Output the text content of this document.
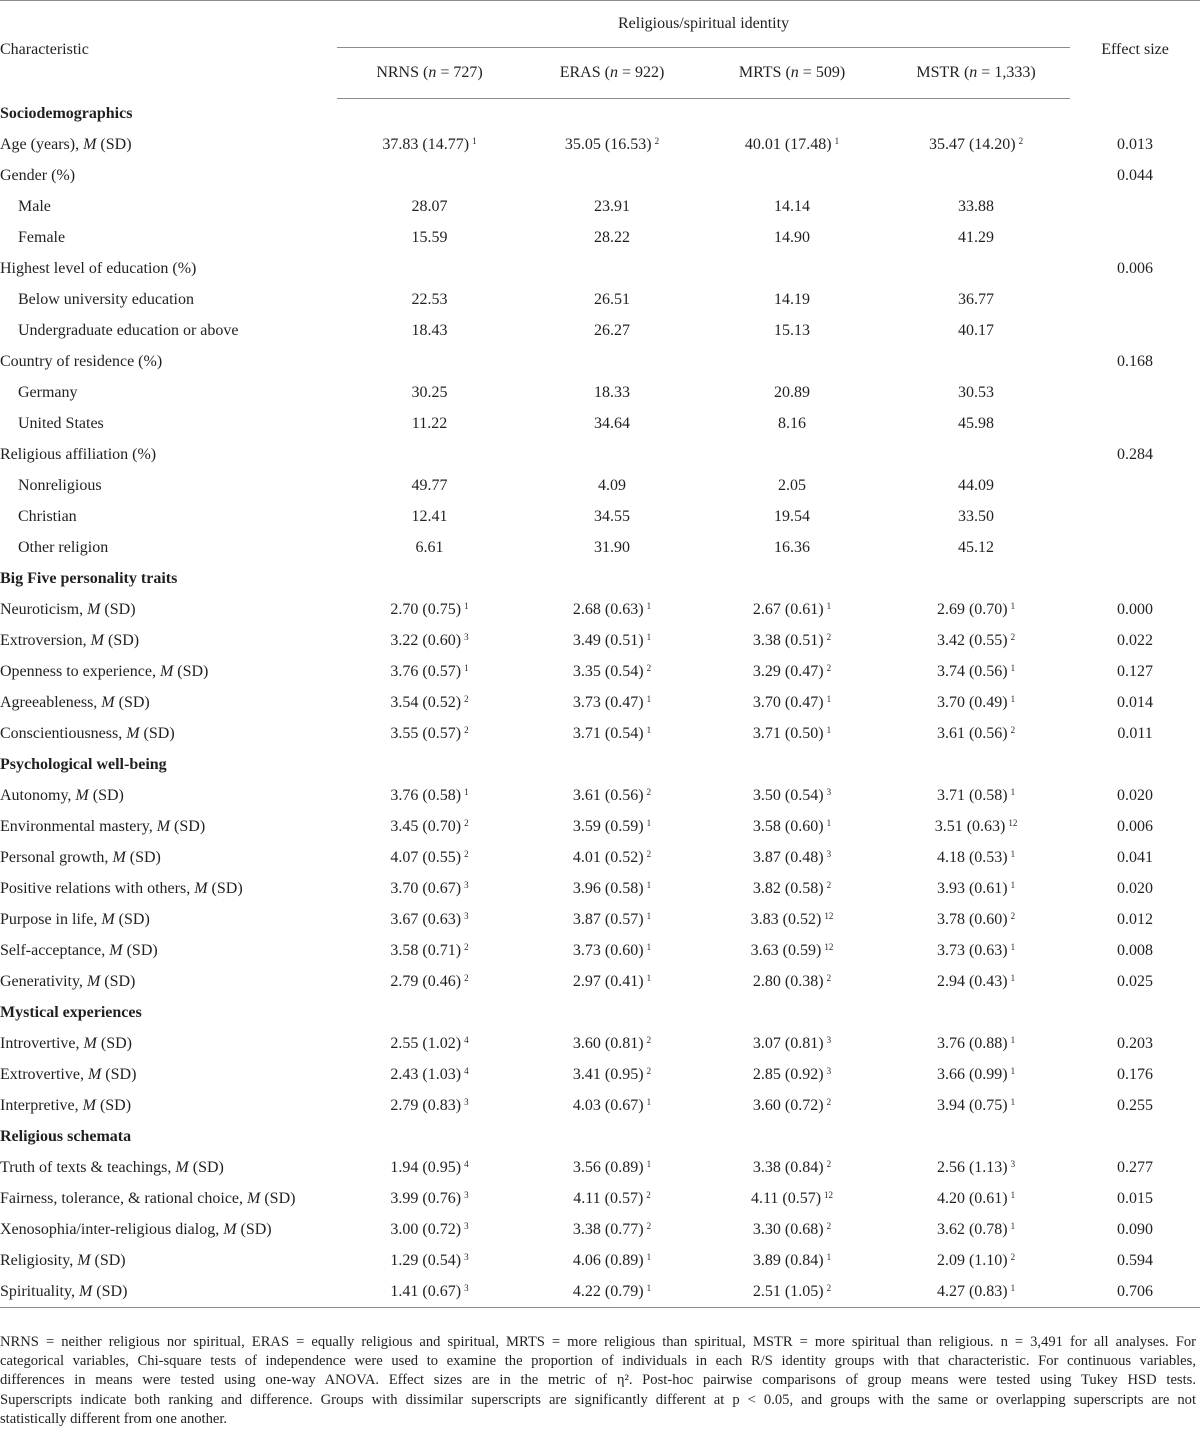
Characteristic	Religious/spiritual identity				Effect size
	NRNS (n = 727)	ERAS (n = 922)	MRTS (n = 509)	MSTR (n = 1,333)	
Sociodemographics					
Age (years), M (SD)	37.83 (14.77) $^1$	35.05 (16.53) $^2$	40.01 (17.48) $^1$	35.47 (14.20) $^2$	0.013
Gender (%)					0.044
Male	28.07	23.91	14.14	33.88	
Female	15.59	28.22	14.90	41.29	
Highest level of education (%)					0.006
Below university education	22.53	26.51	14.19	36.77	
Undergraduate education or above	18.43	26.27	15.13	40.17	
Country of residence (%)					0.168
Germany	30.25	18.33	20.89	30.53	
United States	11.22	34.64	8.16	45.98	
Religious affiliation (%)					0.284
Nonreligious	49.77	4.09	2.05	44.09	
Christian	12.41	34.55	19.54	33.50	
Other religion	6.61	31.90	16.36	45.12	
Big Five personality traits					
Neuroticism, M (SD)	2.70 (0.75) $^1$	2.68 (0.63) $^1$	2.67 (0.61) $^1$	2.69 (0.70) $^1$	0.000
Extroversion, M (SD)	3.22 (0.60) $^3$	3.49 (0.51) $^1$	3.38 (0.51) $^2$	3.42 (0.55) $^2$	0.022
Openness to experience, M (SD)	3.76 (0.57) $^1$	3.35 (0.54) $^2$	3.29 (0.47) $^2$	3.74 (0.56) $^1$	0.127
Agreeableness, M (SD)	3.54 (0.52) $^2$	3.73 (0.47) $^1$	3.70 (0.47) $^1$	3.70 (0.49) $^1$	0.014
Conscientiousness, M (SD)	3.55 (0.57) $^2$	3.71 (0.54) $^1$	3.71 (0.50) $^1$	3.61 (0.56) $^2$	0.011
Psychological well-being					
Autonomy, M (SD)	3.76 (0.58) $^1$	3.61 (0.56) $^2$	3.50 (0.54) $^3$	3.71 (0.58) $^1$	0.020
Environmental mastery, M (SD)	3.45 (0.70) $^2$	3.59 (0.59) $^1$	3.58 (0.60) $^1$	3.51 (0.63) $^{12}$	0.006
Personal growth, M (SD)	4.07 (0.55) $^2$	4.01 (0.52) $^2$	3.87 (0.48) $^3$	4.18 (0.53) $^1$	0.041
Positive relations with others, M (SD)	3.70 (0.67) $^3$	3.96 (0.58) $^1$	3.82 (0.58) $^2$	3.93 (0.61) $^1$	0.020
Purpose in life, M (SD)	3.67 (0.63) $^3$	3.87 (0.57) $^1$	3.83 (0.52) $^{12}$	3.78 (0.60) $^2$	0.012
Self-acceptance, M (SD)	3.58 (0.71) $^2$	3.73 (0.60) $^1$	3.63 (0.59) $^{12}$	3.73 (0.63) $^1$	0.008
Generativity, M (SD)	2.79 (0.46) $^2$	2.97 (0.41) $^1$	2.80 (0.38) $^2$	2.94 (0.43) $^1$	0.025
Mystical experiences					
Introvertive, M (SD)	2.55 (1.02) $^4$	3.60 (0.81) $^2$	3.07 (0.81) $^3$	3.76 (0.88) $^1$	0.203
Extrovertive, M (SD)	2.43 (1.03) $^4$	3.41 (0.95) $^2$	2.85 (0.92) $^3$	3.66 (0.99) $^1$	0.176
Interpretive, M (SD)	2.79 (0.83) $^3$	4.03 (0.67) $^1$	3.60 (0.72) $^2$	3.94 (0.75) $^1$	0.255
Religious schemata					
Truth of texts & teachings, M (SD)	1.94 (0.95) $^4$	3.56 (0.89) $^1$	3.38 (0.84) $^2$	2.56 (1.13) $^3$	0.277
Fairness, tolerance, & rational choice, M (SD)	3.99 (0.76) $^3$	4.11 (0.57) $^2$	4.11 (0.57) $^{12}$	4.20 (0.61) $^1$	0.015
Xenosophia/inter-religious dialog, M (SD)	3.00 (0.72) $^3$	3.38 (0.77) $^2$	3.30 (0.68) $^2$	3.62 (0.78) $^1$	0.090
Religiosity, M (SD)	1.29 (0.54) $^3$	4.06 (0.89) $^1$	3.89 (0.84) $^1$	2.09 (1.10) $^2$	0.594
Spirituality, M (SD)	1.41 (0.67) $^3$	4.22 (0.79) $^1$	2.51 (1.05) $^2$	4.27 (0.83) $^1$	0.706
NRNS = neither religious nor spiritual, ERAS = equally religious and spiritual, MRTS = more religious than spiritual, MSTR = more spiritual than religious. n = 3,491 for all analyses. For
categorical variables, Chi-square tests of independence were used to examine the proportion of individuals in each R/S identity groups with that characteristic. For continuous variables,
differences in means were tested using one-way ANOVA. Effect sizes are in the metric of η². Post-hoc pairwise comparisons of group means were tested using Tukey HSD tests.
Superscripts indicate both ranking and difference. Groups with dissimilar superscripts are significantly different at p < 0.05, and groups with the same or overlapping superscripts are not
statistically different from one another.
